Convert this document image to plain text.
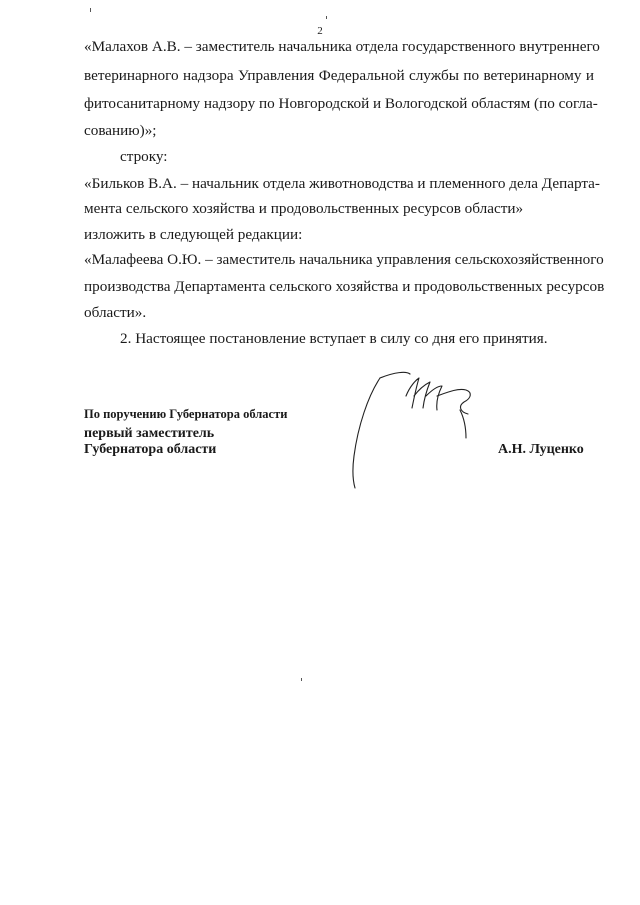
2
«Малахов А.В. – заместитель начальника отдела государственного внутреннего
ветеринарного надзора Управления Федеральной службы по ветеринарному и
фитосанитарному надзору по Новгородской и Вологодской областям (по согла-
сованию)»;
строку:
«Бильков В.А. – начальник отдела животноводства и племенного дела Департа-
мента сельского хозяйства и продовольственных ресурсов области»
изложить в следующей редакции:
«Малафеева О.Ю. – заместитель начальника управления сельскохозяйственного
производства Департамента сельского хозяйства и продовольственных ресурсов
области».
2. Настоящее постановление вступает в силу со дня его принятия.
По поручению Губернатора области
первый заместитель
Губернатора области	А.Н. Луценко
